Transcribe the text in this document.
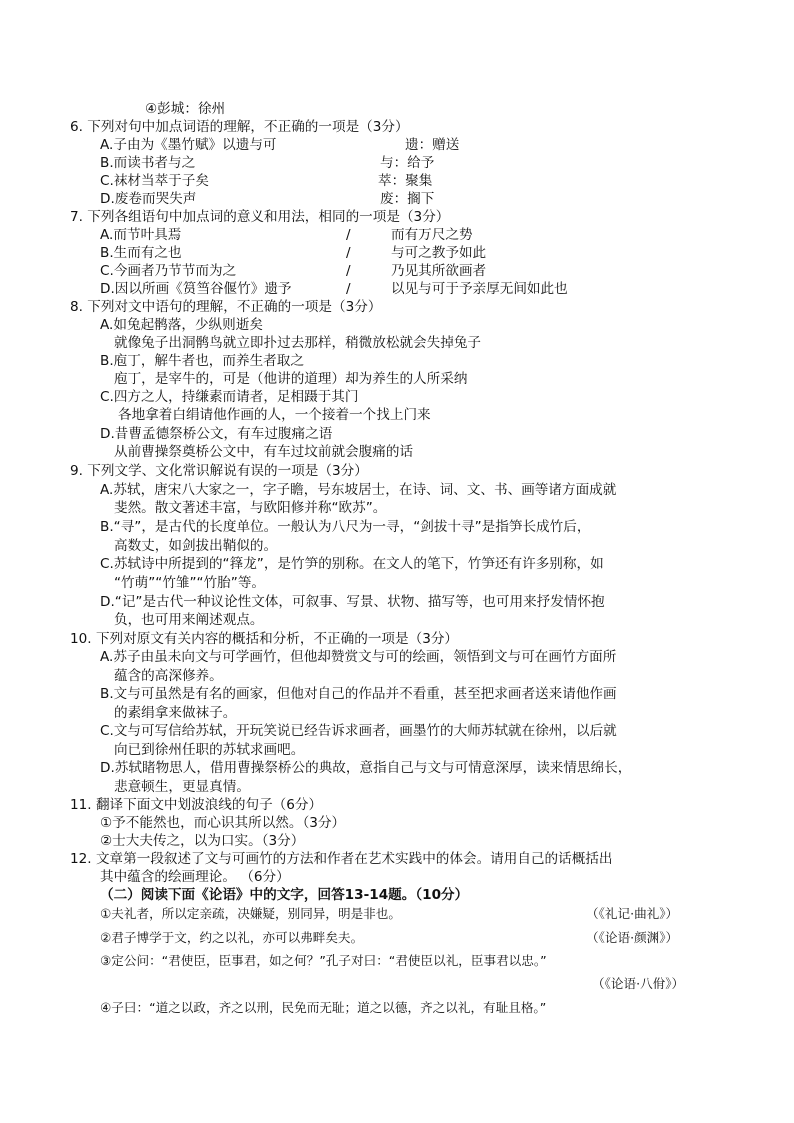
④彭城：徐州
6. 下列对句中加点词语的理解，不正确的一项是（3分）
A.子由为《墨竹赋》以遗与可	遗：赠送
B.而读书者与之	与：给予
C.袜材当萃于子矣	萃：聚集
D.废卷而哭失声	废：搁下
7. 下列各组语句中加点词的意义和用法，相同的一项是（3分）
A.而节叶具焉	/	而有万尺之势
B.生而有之也	/	与可之教予如此
C.今画者乃节节而为之	/	乃见其所欲画者
D.因以所画《筼筜谷偃竹》遗予	/	以见与可于予亲厚无间如此也
8. 下列对文中语句的理解，不正确的一项是（3分）
A.如兔起鹘落，少纵则逝矣
就像兔子出洞鹘鸟就立即扑过去那样，稍微放松就会失掉兔子
B.庖丁，解牛者也，而养生者取之
庖丁，是宰牛的，可是（他讲的道理）却为养生的人所采纳
C.四方之人，持缣素而请者，足相蹑于其门
各地拿着白绢请他作画的人，一个接着一个找上门来
D.昔曹孟德祭桥公文，有车过腹痛之语
从前曹操祭奠桥公文中，有车过坟前就会腹痛的话
9. 下列文学、文化常识解说有误的一项是（3分）
A.苏轼，唐宋八大家之一，字子瞻，号东坡居士，在诗、词、文、书、画等诸方面成就
斐然。散文著述丰富，与欧阳修并称“欧苏”。
B.“寻”，是古代的长度单位。一般认为八尺为一寻，“剑拔十寻”是指笋长成竹后，
高数丈，如剑拔出鞘似的。
C.苏轼诗中所提到的“箨龙”，是竹笋的别称。在文人的笔下，竹笋还有许多别称，如
“竹萌”“竹雏”“竹胎”等。
D.“记”是古代一种议论性文体，可叙事、写景、状物、描写等，也可用来抒发情怀抱
负，也可用来阐述观点。
10. 下列对原文有关内容的概括和分析，不正确的一项是（3分）
A.苏子由虽未向文与可学画竹，但他却赞赏文与可的绘画，领悟到文与可在画竹方面所
蕴含的高深修养。
B.文与可虽然是有名的画家，但他对自己的作品并不看重，甚至把求画者送来请他作画
的素绢拿来做袜子。
C.文与可写信给苏轼，开玩笑说已经告诉求画者，画墨竹的大师苏轼就在徐州，以后就
向已到徐州任职的苏轼求画吧。
D.苏轼睹物思人，借用曹操祭桥公的典故，意指自己与文与可情意深厚，读来情思绵长，
悲意顿生，更显真情。
11. 翻译下面文中划波浪线的句子（6分）
①予不能然也，而心识其所以然。（3分）
②士大夫传之，以为口实。（3分）
12. 文章第一段叙述了文与可画竹的方法和作者在艺术实践中的体会。请用自己的话概括出
其中蕴含的绘画理论。 （6分）
（二）阅读下面《论语》中的文字，回答13-14题。（10分）
①夫礼者，所以定亲疏，决嫌疑，别同异，明是非也。	（《礼记·曲礼》）
②君子博学于文，约之以礼，亦可以弗畔矣夫。	（《论语·颜渊》）
③定公问：“君使臣，臣事君，如之何？”孔子对曰：“君使臣以礼，臣事君以忠。”
（《论语·八佾》）
④子曰：“道之以政，齐之以刑，民免而无耻；道之以德，齐之以礼，有耻且格。”
